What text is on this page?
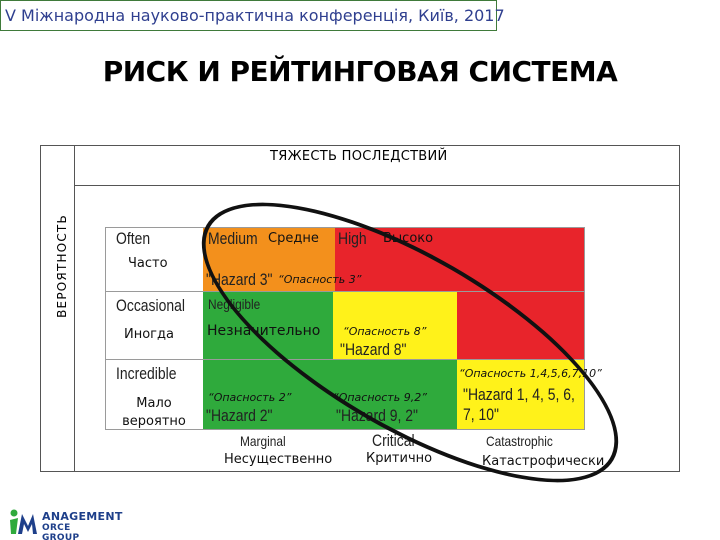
V Міжнародна науково-практична конференція, Київ, 2017
РИСК И РЕЙТИНГОВАЯ СИСТЕМА
ТЯЖЕСТЬ ПОСЛЕДСТВИЙ
ВЕРОЯТНОСТЬ	Often
Часто
Occasional
Иногда
Incredible
Мало вероятно
Marginal
Несущественно
Critical
Критично
Catastrophic
Катастрофически
Medium Средне High Высоко
"Hazard 3" “Опасность 3”
Negligible
Незначительно “Опасность 8”
"Hazard 8"
“Опасность 1,4,5,6,7,10”
“Опасность 2”
"Hazard 2"
“Опасность 9,2”
"Hazard 9, 2"
"Hazard 1, 4, 5, 6,
7, 10"
ANAGEMENT
ORCE GROUP
